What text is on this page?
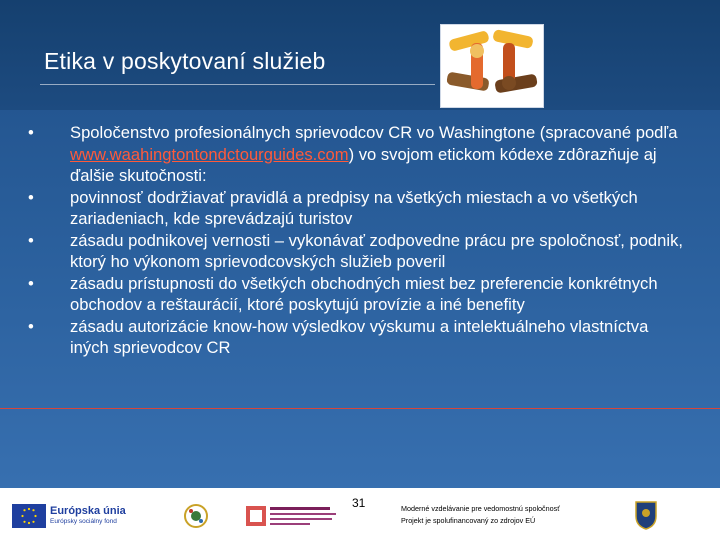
Etika v poskytovaní služieb
•	Spoločenstvo profesionálnych sprievodcov CR vo Washingtone (spracované podľa www.waahingtontondctourguides.com) vo svojom etickom kódexe zdôrazňuje aj ďalšie skutočnosti:
•	povinnosť dodržiavať pravidlá a predpisy na všetkých miestach a vo všetkých zariadeniach, kde sprevádzajú turistov
•	zásadu podnikovej vernosti – vykonávať zodpovedne prácu pre spoločnosť, podnik, ktorý ho výkonom sprievodcovských služieb poveril
•	zásadu prístupnosti do všetkých obchodných miest bez preferencie konkrétnych obchodov a reštaurácií, ktoré poskytujú provízie a iné benefity
•	zásadu autorizácie know-how výsledkov výskumu a intelektuálneho vlastníctva iných sprievodcov CR
Európska únia
Európsky sociálny fond
31	Moderné vzdelávanie pre vedomostnú spoločnosť
Projekt je spolufinancovaný zo zdrojov EÚ
